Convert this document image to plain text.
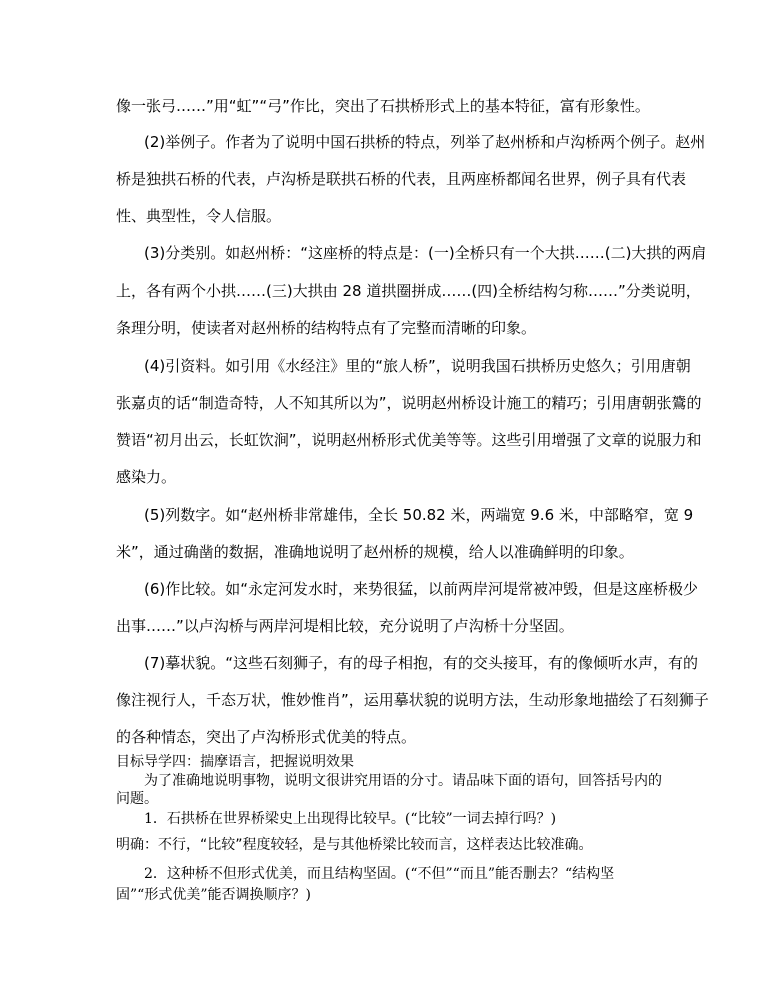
像一张弓……”用“虹”“弓”作比，突出了石拱桥形式上的基本特征，富有形象性。
(2)举例子。作者为了说明中国石拱桥的特点，列举了赵州桥和卢沟桥两个例子。赵州
桥是独拱石桥的代表，卢沟桥是联拱石桥的代表，且两座桥都闻名世界，例子具有代表
性、典型性，令人信服。
(3)分类别。如赵州桥：“这座桥的特点是：(一)全桥只有一个大拱……(二)大拱的两肩
上，各有两个小拱……(三)大拱由 28 道拱圈拼成……(四)全桥结构匀称……”分类说明，
条理分明，使读者对赵州桥的结构特点有了完整而清晰的印象。
(4)引资料。如引用《水经注》里的“旅人桥”，说明我国石拱桥历史悠久；引用唐朝
张嘉贞的话“制造奇特，人不知其所以为”，说明赵州桥设计施工的精巧；引用唐朝张鷟的
赞语“初月出云，长虹饮涧”，说明赵州桥形式优美等等。这些引用增强了文章的说服力和
感染力。
(5)列数字。如“赵州桥非常雄伟，全长 50.82 米，两端宽 9.6 米，中部略窄，宽 9
米”，通过确凿的数据，准确地说明了赵州桥的规模，给人以准确鲜明的印象。
(6)作比较。如“永定河发水时，来势很猛，以前两岸河堤常被冲毁，但是这座桥极少
出事……”以卢沟桥与两岸河堤相比较，充分说明了卢沟桥十分坚固。
(7)摹状貌。“这些石刻狮子，有的母子相抱，有的交头接耳，有的像倾听水声，有的
像注视行人，千态万状，惟妙惟肖”，运用摹状貌的说明方法，生动形象地描绘了石刻狮子
的各种情态，突出了卢沟桥形式优美的特点。
目标导学四：揣摩语言，把握说明效果
为了准确地说明事物，说明文很讲究用语的分寸。请品味下面的语句，回答括号内的
问题。
1．石拱桥在世界桥梁史上出现得比较早。(“比较”一词去掉行吗？)
明确：不行，“比较”程度较轻，是与其他桥梁比较而言，这样表达比较准确。
2．这种桥不但形式优美，而且结构坚固。(“不但”“而且”能否删去？“结构坚
固”“形式优美”能否调换顺序？)
